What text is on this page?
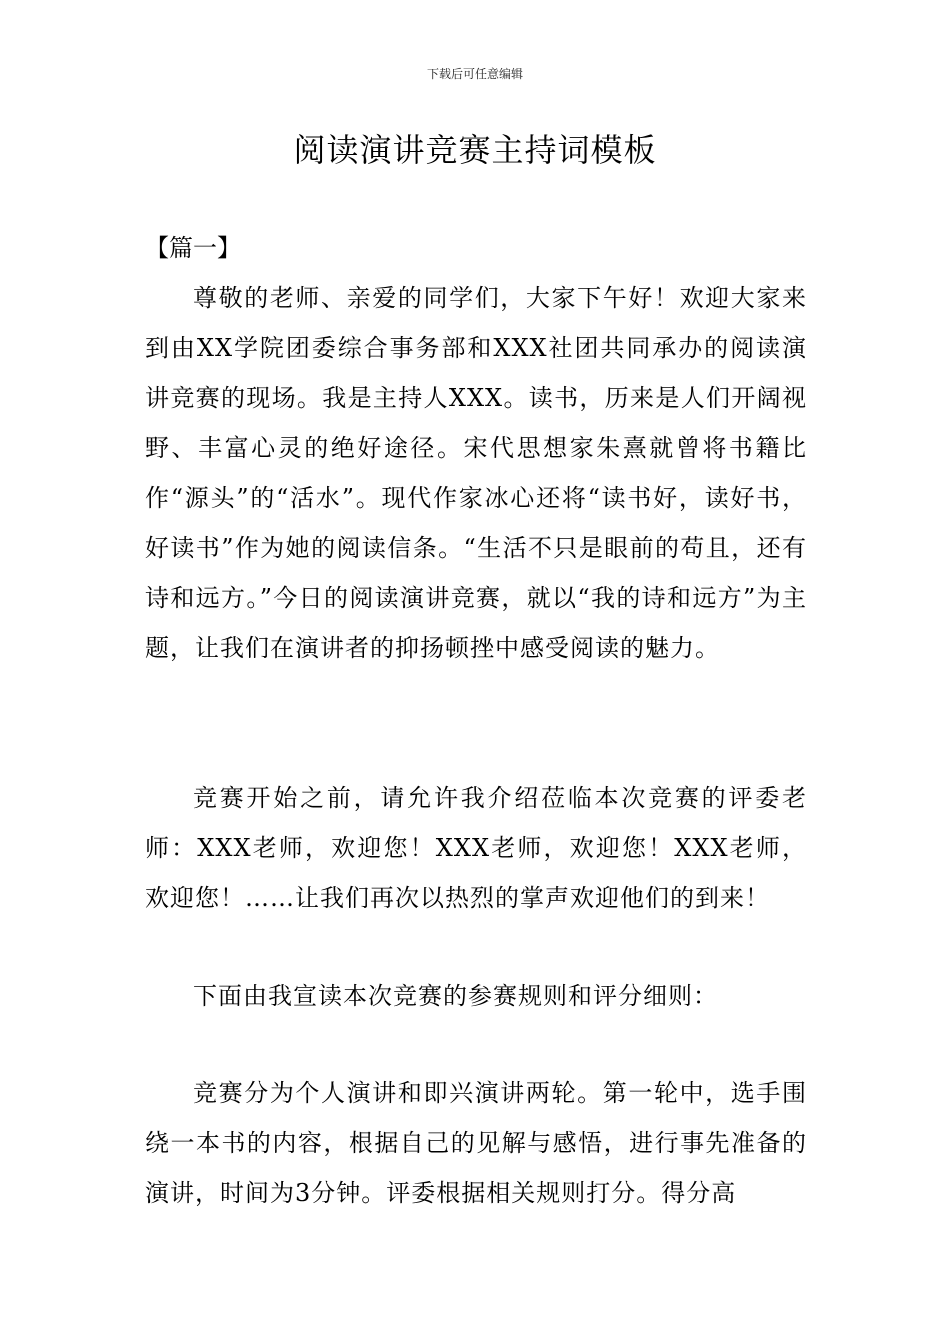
下载后可任意编辑
阅读演讲竞赛主持词模板
【篇一】

尊敬的老师、亲爱的同学们，大家下午好！欢迎大家来到由XX学院团委综合事务部和XXX社团共同承办的阅读演讲竞赛的现场。我是主持人XXX。读书，历来是人们开阔视野、丰富心灵的绝好途径。宋代思想家朱熹就曾将书籍比作“源头”的“活水”。现代作家冰心还将“读书好，读好书，好读书”作为她的阅读信条。“生活不只是眼前的苟且，还有诗和远方。”今日的阅读演讲竞赛，就以“我的诗和远方”为主题，让我们在演讲者的抑扬顿挫中感受阅读的魅力。

竞赛开始之前，请允许我介绍莅临本次竞赛的评委老师：XXX老师，欢迎您！XXX老师，欢迎您！XXX老师，欢迎您！……让我们再次以热烈的掌声欢迎他们的到来！

下面由我宣读本次竞赛的参赛规则和评分细则：

竞赛分为个人演讲和即兴演讲两轮。第一轮中，选手围绕一本书的内容，根据自己的见解与感悟，进行事先准备的演讲，时间为3分钟。评委根据相关规则打分。得分高
